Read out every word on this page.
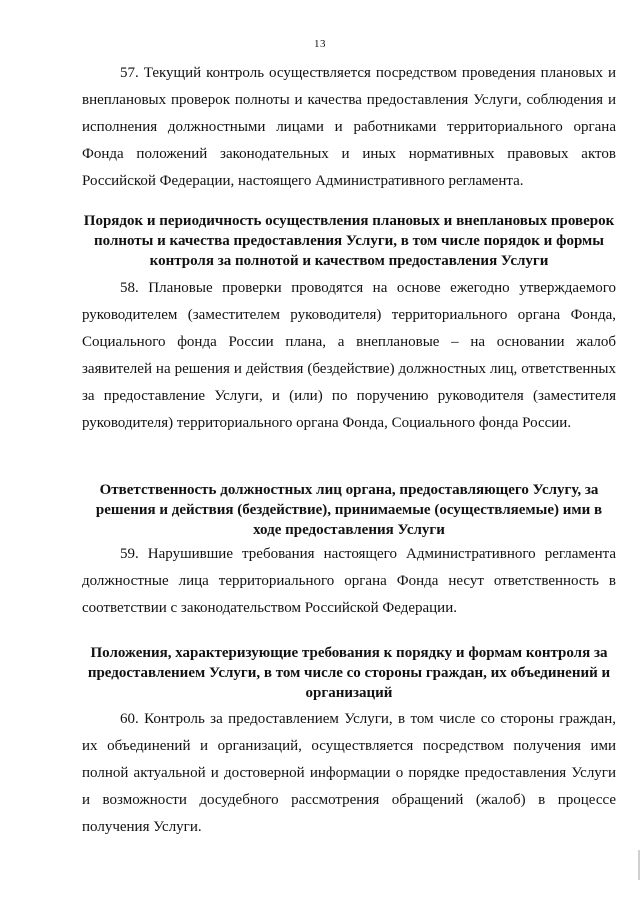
13

57. Текущий контроль осуществляется посредством проведения плановых и внеплановых проверок полноты и качества предоставления Услуги, соблюдения и исполнения должностными лицами и работниками территориального органа Фонда положений законодательных и иных нормативных правовых актов Российской Федерации, настоящего Административного регламента.

Порядок и периодичность осуществления плановых и внеплановых проверок полноты и качества предоставления Услуги, в том числе порядок и формы контроля за полнотой и качеством предоставления Услуги

58. Плановые проверки проводятся на основе ежегодно утверждаемого руководителем (заместителем руководителя) территориального органа Фонда, Социального фонда России плана, а внеплановые – на основании жалоб заявителей на решения и действия (бездействие) должностных лиц, ответственных за предоставление Услуги, и (или) по поручению руководителя (заместителя руководителя) территориального органа Фонда, Социального фонда России.

Ответственность должностных лиц органа, предоставляющего Услугу, за решения и действия (бездействие), принимаемые (осуществляемые) ими в ходе предоставления Услуги

59. Нарушившие требования настоящего Административного регламента должностные лица территориального органа Фонда несут ответственность в соответствии с законодательством Российской Федерации.

Положения, характеризующие требования к порядку и формам контроля за предоставлением Услуги, в том числе со стороны граждан, их объединений и организаций

60. Контроль за предоставлением Услуги, в том числе со стороны граждан, их объединений и организаций, осуществляется посредством получения ими полной актуальной и достоверной информации о порядке предоставления Услуги и возможности досудебного рассмотрения обращений (жалоб) в процессе получения Услуги.
